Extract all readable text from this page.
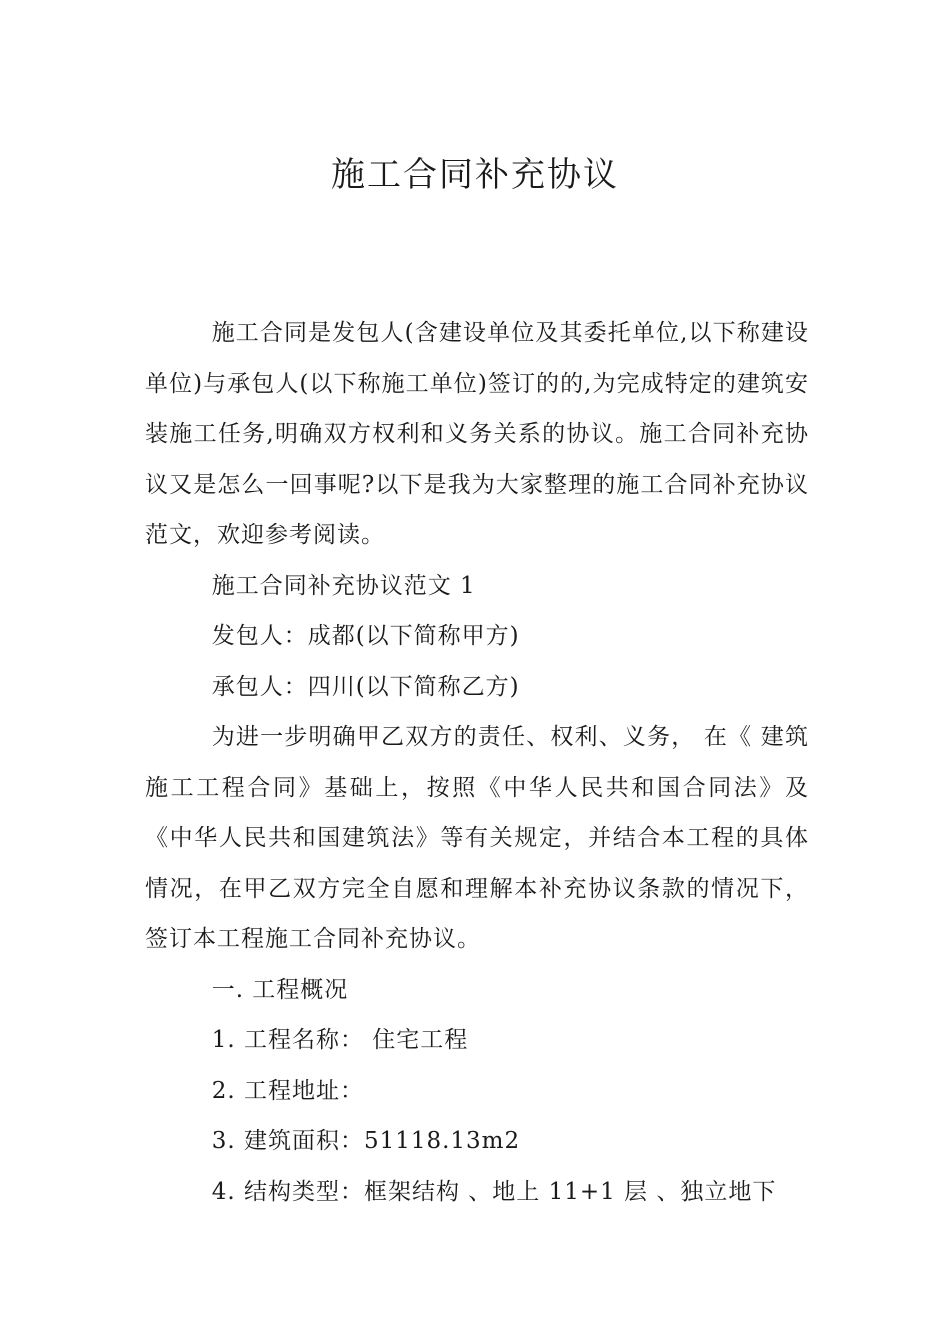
施工合同补充协议

施工合同是发包人(含建设单位及其委托单位,以下称建设单位)与承包人(以下称施工单位)签订的的,为完成特定的建筑安装施工任务,明确双方权利和义务关系的协议。施工合同补充协议又是怎么一回事呢?以下是我为大家整理的施工合同补充协议范文，欢迎参考阅读。

施工合同补充协议范文 1

发包人：成都(以下简称甲方)

承包人：四川(以下简称乙方)

为进一步明确甲乙双方的责任、权利、义务， 在《 建筑施工工程合同》基础上，按照《中华人民共和国合同法》及《中华人民共和国建筑法》等有关规定，并结合本工程的具体情况，在甲乙双方完全自愿和理解本补充协议条款的情况下，签订本工程施工合同补充协议。

一. 工程概况

1. 工程名称： 住宅工程

2. 工程地址：

3. 建筑面积：51118.13m2

4. 结构类型：框架结构 、地上 11+1 层 、独立地下
